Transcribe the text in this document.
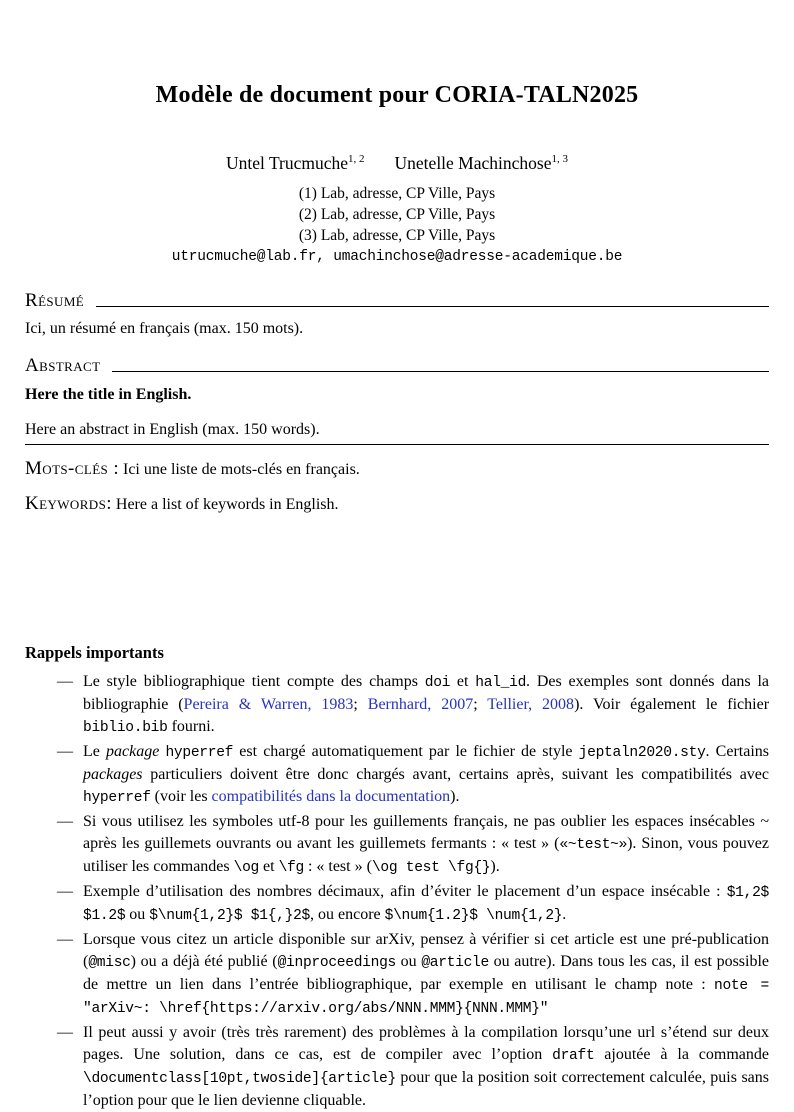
Modèle de document pour CORIA-TALN2025
Untel Trucmuche$^{1, 2}$ Unetelle Machinchose$^{1, 3}$
(1) Lab, adresse, CP Ville, Pays
(2) Lab, adresse, CP Ville, Pays
(3) Lab, adresse, CP Ville, Pays
utrucmuche@lab.fr, umachinchose@adresse-academique.be
Résumé

Ici, un résumé en français (max. 150 mots).

Abstract

Here the title in English.

Here an abstract in English (max. 150 words).

Mots-clés : Ici une liste de mots-clés en français.

Keywords: Here a list of keywords in English.

Rappels importants
— Le style bibliographique tient compte des champs doi et hal_id. Des exemples sont donnés dans la bibliographie (Pereira & Warren, 1983; Bernhard, 2007; Tellier, 2008). Voir également le fichier biblio.bib fourni.
— Le package hyperref est chargé automatiquement par le fichier de style jeptaln2020.sty. Certains packages particuliers doivent être donc chargés avant, certains après, suivant les compatibilités avec hyperref (voir les compatibilités dans la documentation).
— Si vous utilisez les symboles utf-8 pour les guillements français, ne pas oublier les espaces insécables ~ après les guillemets ouvrants ou avant les guillemets fermants : « test » («~test~»). Sinon, vous pouvez utiliser les commandes \og et \fg : « test » (\og test \fg{}).
— Exemple d’utilisation des nombres décimaux, afin d’éviter le placement d’un espace insécable : $1,2$ $1.2$ ou $\num{1,2}$ $1{,}2$, ou encore $\num{1.2}$ \num{1,2}.
— Lorsque vous citez un article disponible sur arXiv, pensez à vérifier si cet article est une pré-publication (@misc) ou a déjà été publié (@inproceedings ou @article ou autre). Dans tous les cas, il est possible de mettre un lien dans l’entrée bibliographique, par exemple en utilisant le champ note : note = "arXiv~: \href{https://arxiv.org/abs/NNN.MMM}{NNN.MMM}"
— Il peut aussi y avoir (très très rarement) des problèmes à la compilation lorsqu’une url s’étend sur deux pages. Une solution, dans ce cas, est de compiler avec l’option draft ajoutée à la commande \documentclass[10pt,twoside]{article} pour que la position soit correctement calculée, puis sans l’option pour que le lien devienne cliquable.
